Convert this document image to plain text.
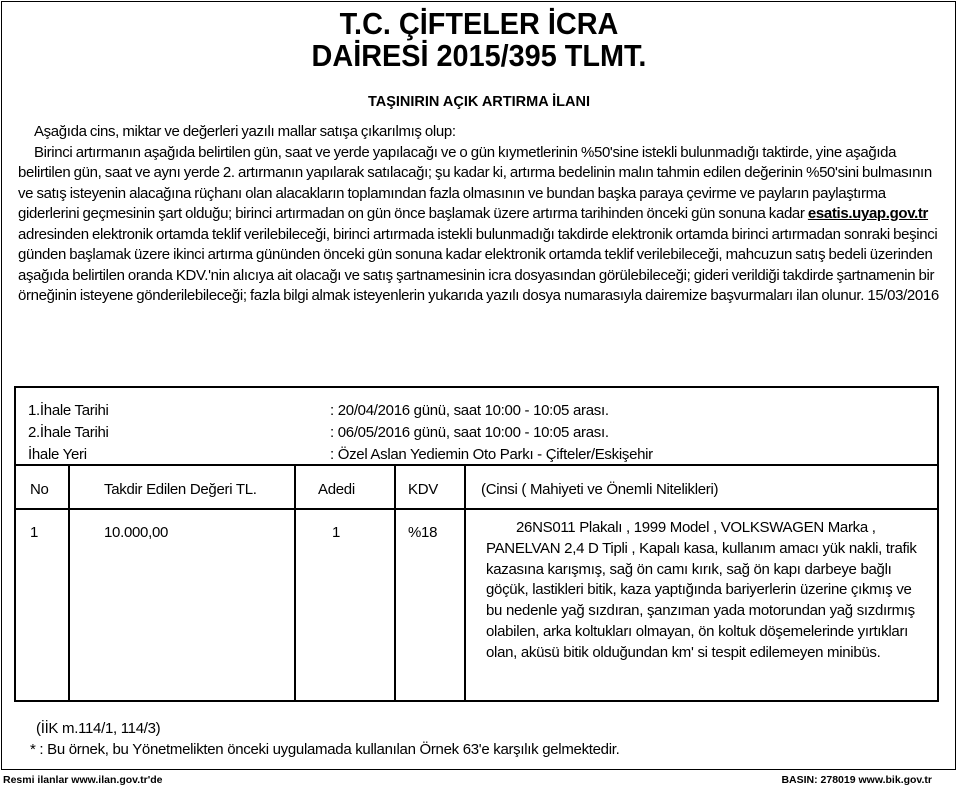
T.C. ÇİFTELER İCRA
DAİRESİ 2015/395 TLMT.
TAŞINIRIN AÇIK ARTIRMA İLANI

Aşağıda cins, miktar ve değerleri yazılı mallar satışa çıkarılmış olup:

Birinci artırmanın aşağıda belirtilen gün, saat ve yerde yapılacağı ve o gün kıymetlerinin %50'sine istekli bulunmadığı taktirde, yine aşağıda belirtilen gün, saat ve aynı yerde 2. artırmanın yapılarak satılacağı; şu kadar ki, artırma bedelinin malın tahmin edilen değerinin %50'sini bulmasının ve satış isteyenin alacağına rüçhanı olan alacakların toplamından fazla olmasının ve bundan başka paraya çevirme ve payların paylaştırma giderlerini geçmesinin şart olduğu; birinci artırmadan on gün önce başlamak üzere artırma tarihinden önceki gün sonuna kadar esatis.uyap.gov.tr adresinden elektronik ortamda teklif verilebileceği, birinci artırmada istekli bulunmadığı takdirde elektronik ortamda birinci artırmadan sonraki beşinci günden başlamak üzere ikinci artırma gününden önceki gün sonuna kadar elektronik ortamda teklif verilebileceği, mahcuzun satış bedeli üzerinden aşağıda belirtilen oranda KDV.'nin alıcıya ait olacağı ve satış şartnamesinin icra dosyasından görülebileceği; gideri verildiği takdirde şartnamenin bir örneğinin isteyene gönderilebileceği; fazla bilgi almak isteyenlerin yukarıda yazılı dosya numarasıyla dairemize başvurmaları ilan olunur. 15/03/2016

1.İhale Tarihi	: 20/04/2016 günü, saat 10:00 - 10:05 arası.
2.İhale Tarihi	: 06/05/2016 günü, saat 10:00 - 10:05 arası.
İhale Yeri	: Özel Aslan Yediemin Oto Parkı - Çifteler/Eskişehir
No	Takdir Edilen Değeri TL.	Adedi	KDV	(Cinsi ( Mahiyeti ve Önemli Nitelikleri)
1	10.000,00	1	%18	26NS011 Plakalı , 1999 Model , VOLKSWAGEN Marka , PANELVAN 2,4 D Tipli , Kapalı kasa, kullanım amacı yük nakli, trafik kazasına karışmış, sağ ön camı kırık, sağ ön kapı darbeye bağlı göçük, lastikleri bitik, kaza yaptığında bariyerlerin üzerine çıkmış ve bu nedenle yağ sızdıran, şanzıman yada motorundan yağ sızdırmış olabilen, arka koltukları olmayan, ön koltuk döşemelerinde yırtıkları olan, aküsü bitik olduğundan km' si tespit edilemeyen minibüs.
(İİK m.114/1, 114/3)
* : Bu örnek, bu Yönetmelikten önceki uygulamada kullanılan Örnek 63'e karşılık gelmektedir.
Resmi ilanlar www.ilan.gov.tr'de	BASIN: 278019 www.bik.gov.tr
